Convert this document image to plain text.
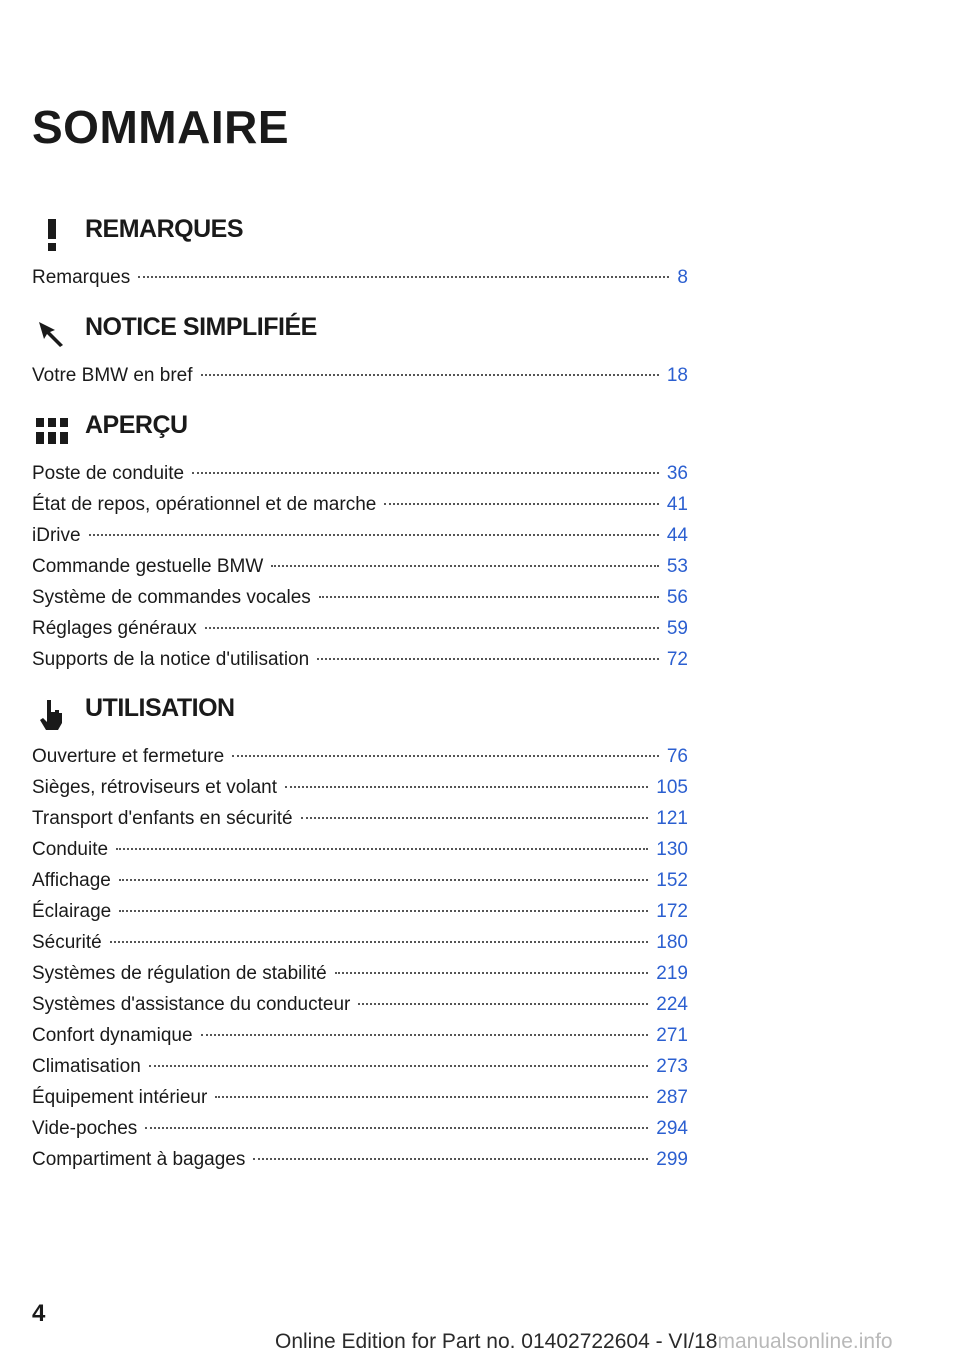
SOMMAIRE
REMARQUES
Remarques	8
NOTICE SIMPLIFIÉE
Votre BMW en bref	18
APERÇU
Poste de conduite	36
État de repos, opérationnel et de marche	41
iDrive	44
Commande gestuelle BMW	53
Système de commandes vocales	56
Réglages généraux	59
Supports de la notice d'utilisation	72
UTILISATION
Ouverture et fermeture	76
Sièges, rétroviseurs et volant	105
Transport d'enfants en sécurité	121
Conduite	130
Affichage	152
Éclairage	172
Sécurité	180
Systèmes de régulation de stabilité	219
Systèmes d'assistance du conducteur	224
Confort dynamique	271
Climatisation	273
Équipement intérieur	287
Vide-poches	294
Compartiment à bagages	299
4
Online Edition for Part no. 01402722604 - VI/18manualsonline.info
